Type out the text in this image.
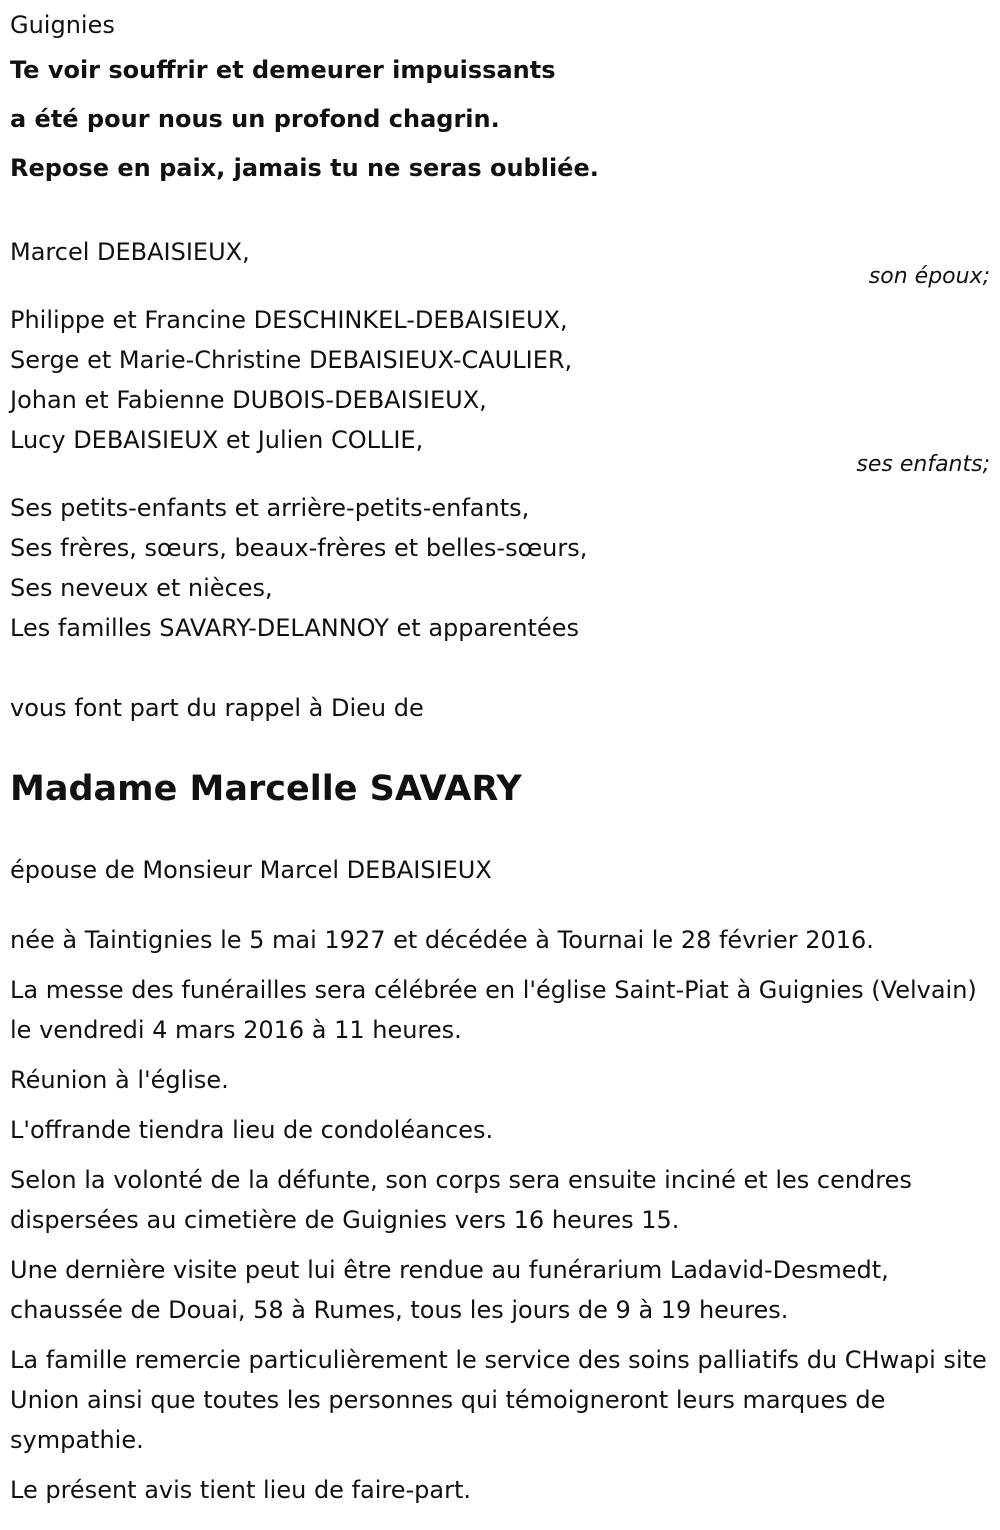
Guignies
Te voir souffrir et demeurer impuissants
a été pour nous un profond chagrin.
Repose en paix, jamais tu ne seras oubliée.
Marcel DEBAISIEUX,
son époux;
Philippe et Francine DESCHINKEL-DEBAISIEUX,
Serge et Marie-Christine DEBAISIEUX-CAULIER,
Johan et Fabienne DUBOIS-DEBAISIEUX,
Lucy DEBAISIEUX et Julien COLLIE,
ses enfants;
Ses petits-enfants et arrière-petits-enfants,
Ses frères, sœurs, beaux-frères et belles-sœurs,
Ses neveux et nièces,
Les familles SAVARY-DELANNOY et apparentées
vous font part du rappel à Dieu de
Madame Marcelle SAVARY
épouse de Monsieur Marcel DEBAISIEUX
née à Taintignies le 5 mai 1927 et décédée à Tournai le 28 février 2016.
La messe des funérailles sera célébrée en l'église Saint-Piat à Guignies (Velvain) le vendredi 4 mars 2016 à 11 heures.
Réunion à l'église.
L'offrande tiendra lieu de condoléances.
Selon la volonté de la défunte, son corps sera ensuite inciné et les cendres dispersées au cimetière de Guignies vers 16 heures 15.
Une dernière visite peut lui être rendue au funérarium Ladavid-Desmedt, chaussée de Douai, 58 à Rumes, tous les jours de 9 à 19 heures.
La famille remercie particulièrement le service des soins palliatifs du CHwapi site Union ainsi que toutes les personnes qui témoigneront leurs marques de sympathie.
Le présent avis tient lieu de faire-part.
